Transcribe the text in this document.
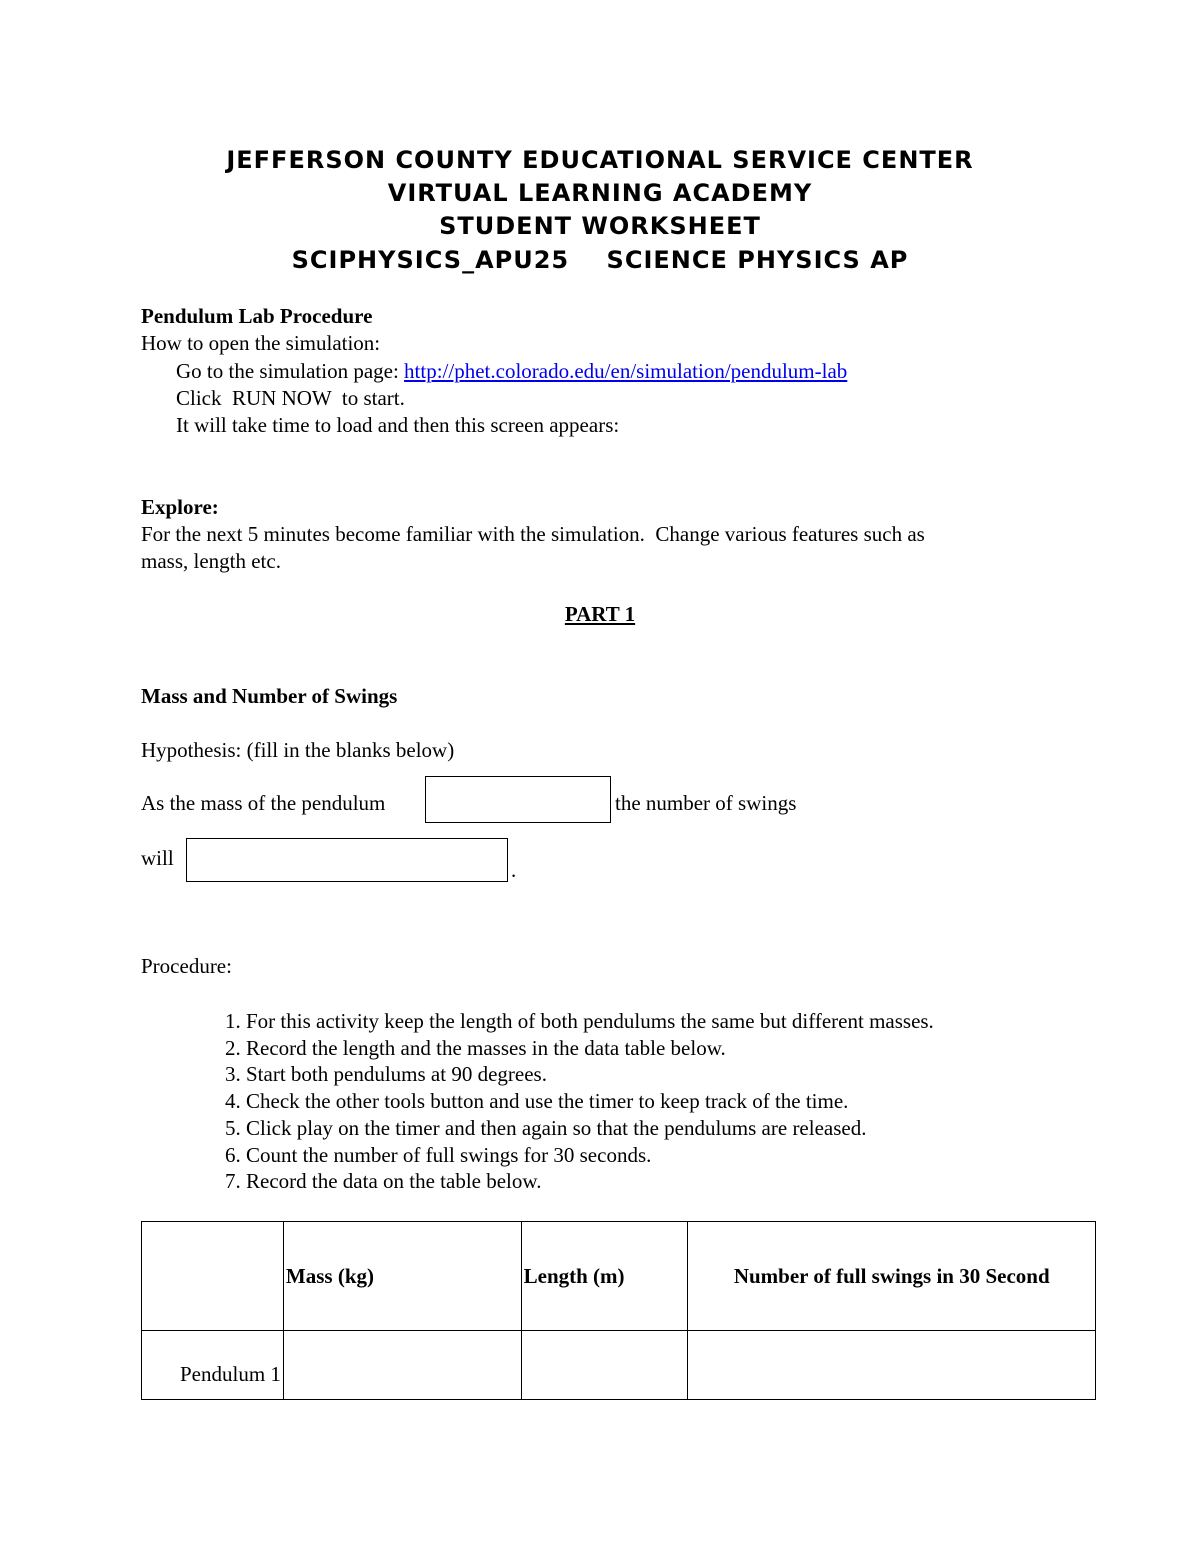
JEFFERSON COUNTY EDUCATIONAL SERVICE CENTER
VIRTUAL LEARNING ACADEMY
STUDENT WORKSHEET
SCIPHYSICS_APU25    SCIENCE PHYSICS AP
Pendulum Lab Procedure
How to open the simulation:
Go to the simulation page: http://phet.colorado.edu/en/simulation/pendulum-lab
Click  RUN NOW  to start.
It will take time to load and then this screen appears:
Explore:
For the next 5 minutes become familiar with the simulation.  Change various features such as
mass, length etc.
PART 1
Mass and Number of Swings
Hypothesis: (fill in the blanks below)
As the mass of the pendulum	the number of swings
will	.
Procedure:
1. For this activity keep the length of both pendulums the same but different masses.
2. Record the length and the masses in the data table below.
3. Start both pendulums at 90 degrees.
4. Check the other tools button and use the timer to keep track of the time.
5. Click play on the timer and then again so that the pendulums are released.
6. Count the number of full swings for 30 seconds.
7. Record the data on the table below.
	Mass (kg)	Length (m)	Number of full swings in 30 Second
Pendulum 1			
